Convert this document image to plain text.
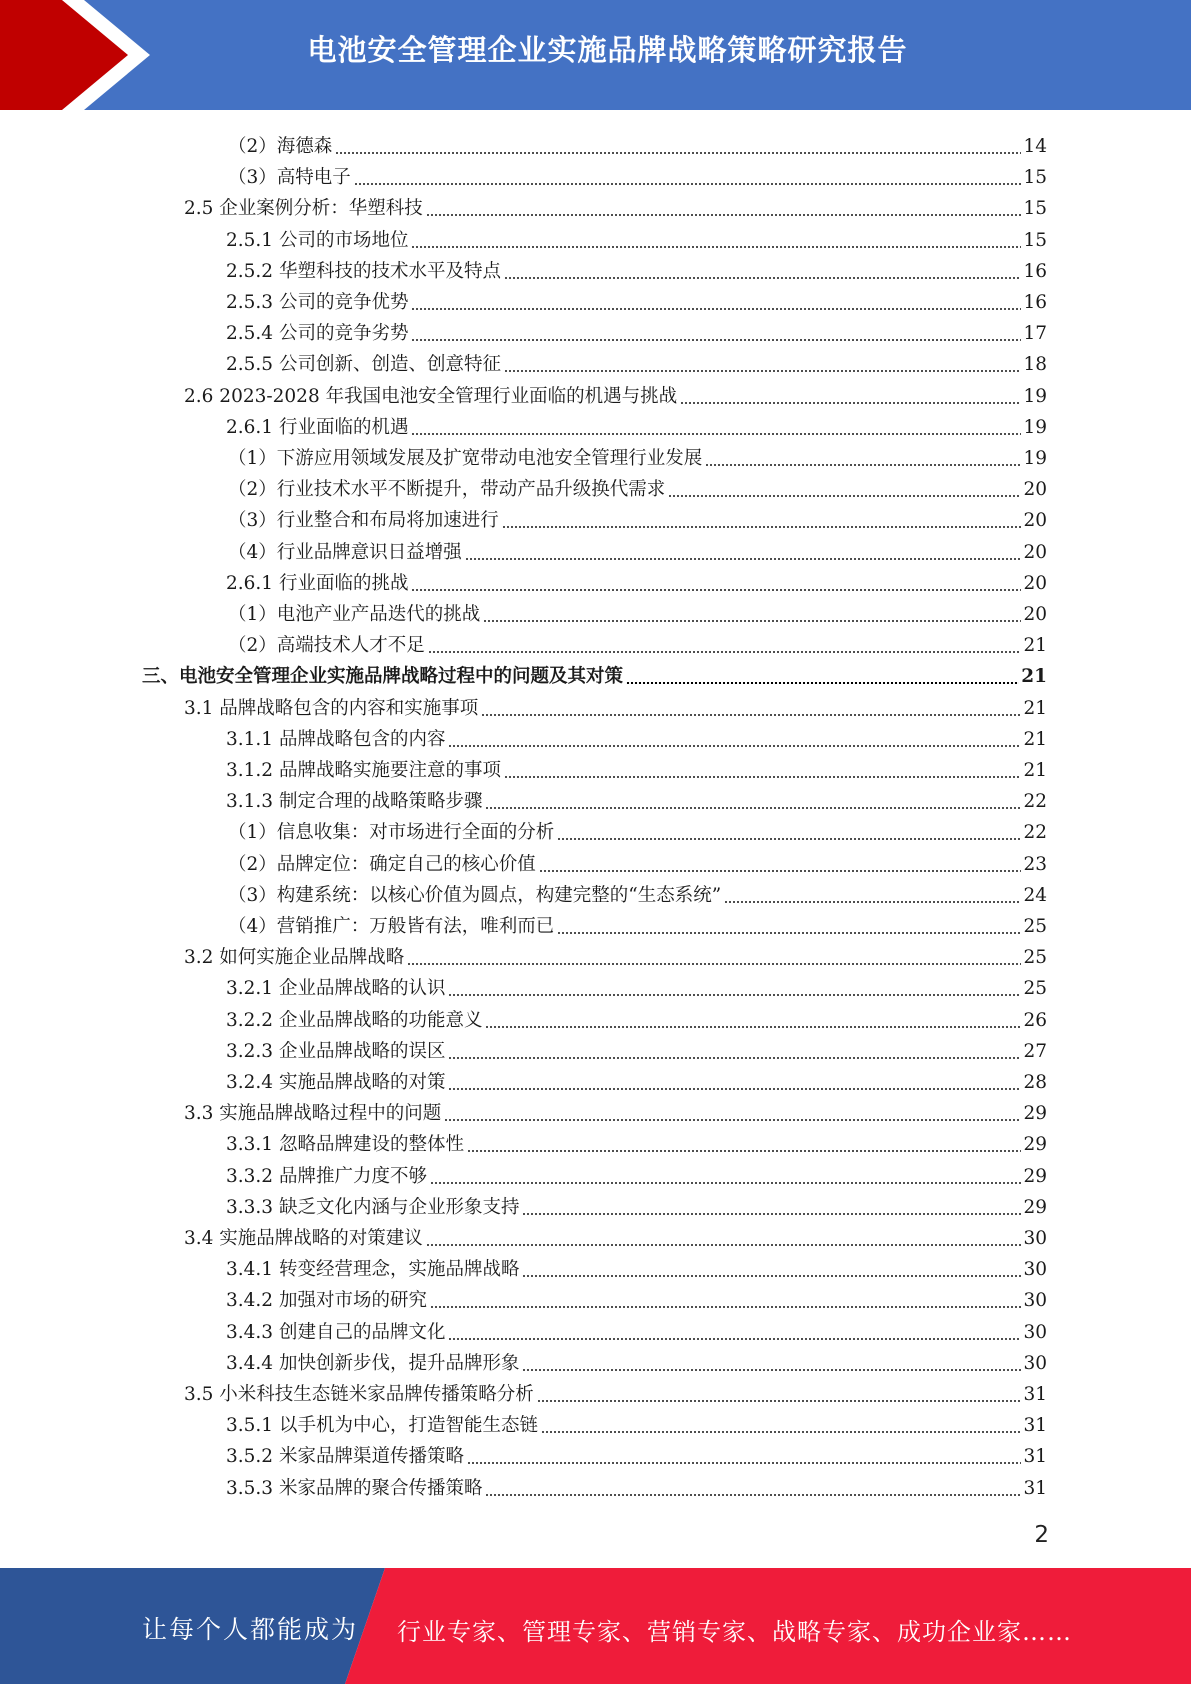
电池安全管理企业实施品牌战略策略研究报告
（2）海德森	14
（3）高特电子	15
2.5 企业案例分析：华塑科技	15
2.5.1 公司的市场地位	15
2.5.2 华塑科技的技术水平及特点	16
2.5.3 公司的竞争优势	16
2.5.4 公司的竞争劣势	17
2.5.5 公司创新、创造、创意特征	18
2.6 2023-2028 年我国电池安全管理行业面临的机遇与挑战	19
2.6.1 行业面临的机遇	19
（1）下游应用领域发展及扩宽带动电池安全管理行业发展	19
（2）行业技术水平不断提升，带动产品升级换代需求	20
（3）行业整合和布局将加速进行	20
（4）行业品牌意识日益增强	20
2.6.1 行业面临的挑战	20
（1）电池产业产品迭代的挑战	20
（2）高端技术人才不足	21
三、电池安全管理企业实施品牌战略过程中的问题及其对策	21
3.1 品牌战略包含的内容和实施事项	21
3.1.1 品牌战略包含的内容	21
3.1.2 品牌战略实施要注意的事项	21
3.1.3 制定合理的战略策略步骤	22
（1）信息收集：对市场进行全面的分析	22
（2）品牌定位：确定自己的核心价值	23
（3）构建系统：以核心价值为圆点，构建完整的“生态系统”	24
（4）营销推广：万般皆有法，唯利而已	25
3.2 如何实施企业品牌战略	25
3.2.1 企业品牌战略的认识	25
3.2.2 企业品牌战略的功能意义	26
3.2.3 企业品牌战略的误区	27
3.2.4 实施品牌战略的对策	28
3.3 实施品牌战略过程中的问题	29
3.3.1 忽略品牌建设的整体性	29
3.3.2 品牌推广力度不够	29
3.3.3 缺乏文化内涵与企业形象支持	29
3.4 实施品牌战略的对策建议	30
3.4.1 转变经营理念，实施品牌战略	30
3.4.2 加强对市场的研究	30
3.4.3 创建自己的品牌文化	30
3.4.4 加快创新步伐，提升品牌形象	30
3.5 小米科技生态链米家品牌传播策略分析	31
3.5.1 以手机为中心，打造智能生态链	31
3.5.2 米家品牌渠道传播策略	31
3.5.3 米家品牌的聚合传播策略	31
2
让每个人都能成为 行业专家、管理专家、营销专家、战略专家、成功企业家……
